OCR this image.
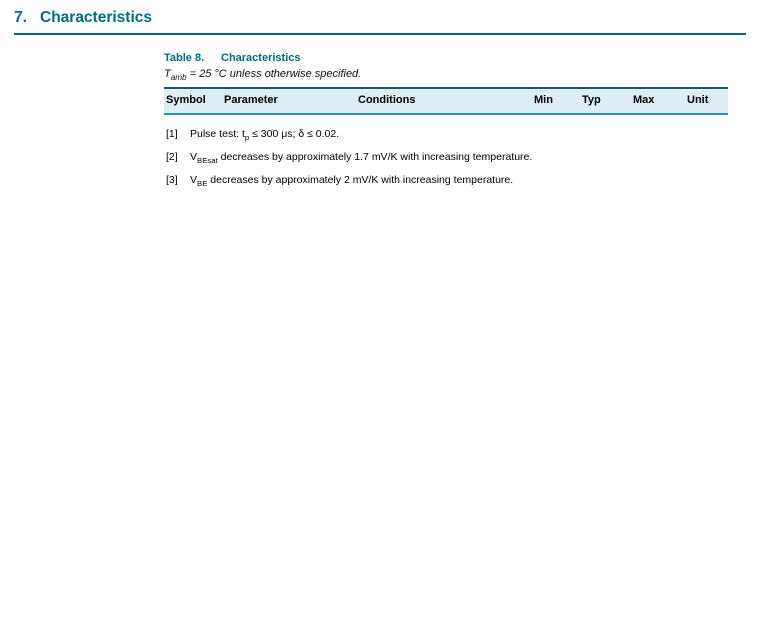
7. Characteristics
Table 8.	Characteristics
$T_{amb} = 25$ °C unless otherwise specified.
Symbol	Parameter	Conditions	Min	Typ	Max	Unit
[1]	Pulse test: $t_p \le 300$ μs; δ ≤ 0.02.
[2]	$V_{BEsat}$ decreases by approximately 1.7 mV/K with increasing temperature.
[3]	$V_{BE}$ decreases by approximately 2 mV/K with increasing temperature.
